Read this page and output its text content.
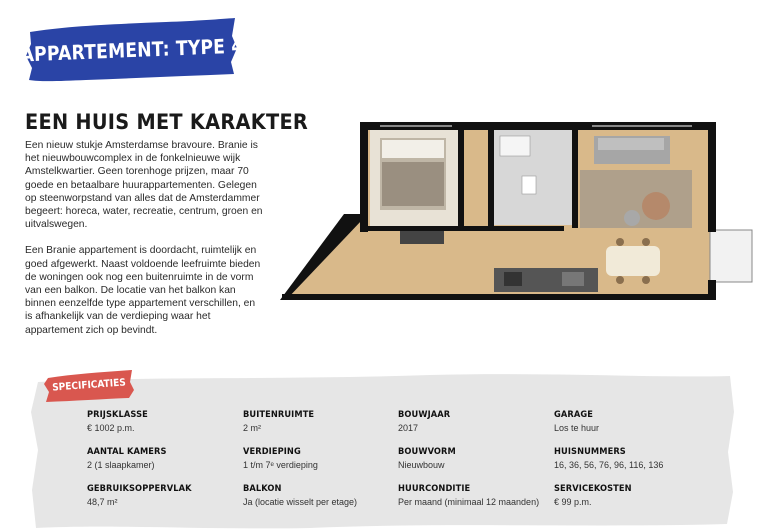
APPARTEMENT: TYPE 4
EEN HUIS MET KARAKTER

Een nieuw stukje Amsterdamse bravoure. Branie is het nieuwbouwcomplex in de fonkelnieuwe wijk Amstelkwartier. Geen torenhoge prijzen, maar 70 goede en betaalbare huurappartementen. Gelegen op steenworpstand van alles dat de Amsterdammer begeert: horeca, water, recreatie, centrum, groen en uitvalswegen.

Een Branie appartement is doordacht, ruimtelijk en goed afgewerkt. Naast voldoende leefruimte bieden de woningen ook nog een buitenruimte in de vorm van een balkon. De locatie van het balkon kan binnen eenzelfde type appartement verschillen, en is afhankelijk van de verdieping waar het appartement zich op bevindt.

SPECIFICATIES
PRIJSKLASSE
€ 1002 p.m.
BUITENRUIMTE
2 m²
BOUWJAAR
2017
GARAGE
Los te huur
AANTAL KAMERS
2 (1 slaapkamer)
VERDIEPING
1 t/m 7ᵉ verdieping
BOUWVORM
Nieuwbouw
HUISNUMMERS
16, 36, 56, 76, 96, 116, 136
GEBRUIKSOPPERVLAK
48,7 m²
BALKON
Ja (locatie wisselt per etage)
HUURCONDITIE
Per maand (minimaal 12 maanden)
SERVICEKOSTEN
€ 99 p.m.
